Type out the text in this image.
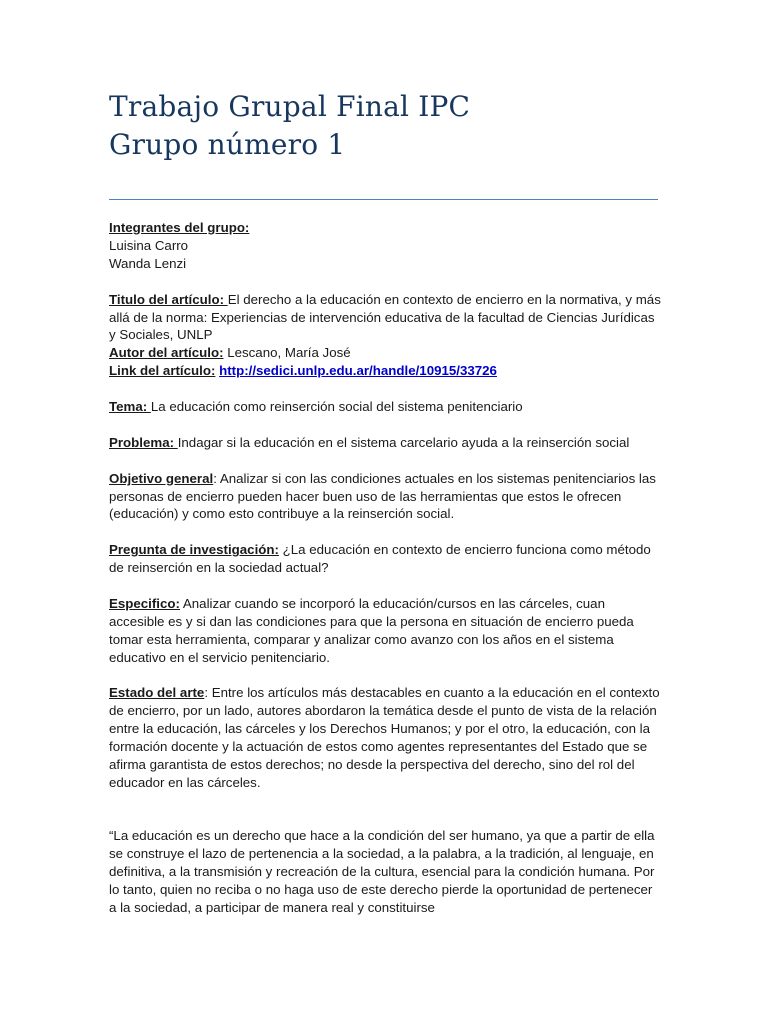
Trabajo Grupal Final IPC
Grupo número 1

Integrantes del grupo:
Luisina Carro
Wanda Lenzi

Titulo del artículo: El derecho a la educación en contexto de encierro en la normativa, y más allá de la norma: Experiencias de intervención educativa de la facultad de Ciencias Jurídicas y Sociales, UNLP
Autor del artículo: Lescano, María José
Link del artículo: http://sedici.unlp.edu.ar/handle/10915/33726

Tema: La educación como reinserción social del sistema penitenciario

Problema: Indagar si la educación en el sistema carcelario ayuda a la reinserción social

Objetivo general: Analizar si con las condiciones actuales en los sistemas penitenciarios las personas de encierro pueden hacer buen uso de las herramientas que estos le ofrecen (educación) y como esto contribuye a la reinserción social.

Pregunta de investigación: ¿La educación en contexto de encierro funciona como método de reinserción en la sociedad actual?

Especifico: Analizar cuando se incorporó la educación/cursos en las cárceles, cuan accesible es y si dan las condiciones para que la persona en situación de encierro pueda tomar esta herramienta, comparar y analizar como avanzo con los años en el sistema educativo en el servicio penitenciario.

Estado del arte: Entre los artículos más destacables en cuanto a la educación en el contexto de encierro, por un lado, autores abordaron la temática desde el punto de vista de la relación entre la educación, las cárceles y los Derechos Humanos; y por el otro, la educación, con la formación docente y la actuación de estos como agentes representantes del Estado que se afirma garantista de estos derechos; no desde la perspectiva del derecho, sino del rol del educador en las cárceles.

“La educación es un derecho que hace a la condición del ser humano, ya que a partir de ella se construye el lazo de pertenencia a la sociedad, a la palabra, a la tradición, al lenguaje, en definitiva, a la transmisión y recreación de la cultura, esencial para la condición humana. Por lo tanto, quien no reciba o no haga uso de este derecho pierde la oportunidad de pertenecer a la sociedad, a participar de manera real y constituirse
